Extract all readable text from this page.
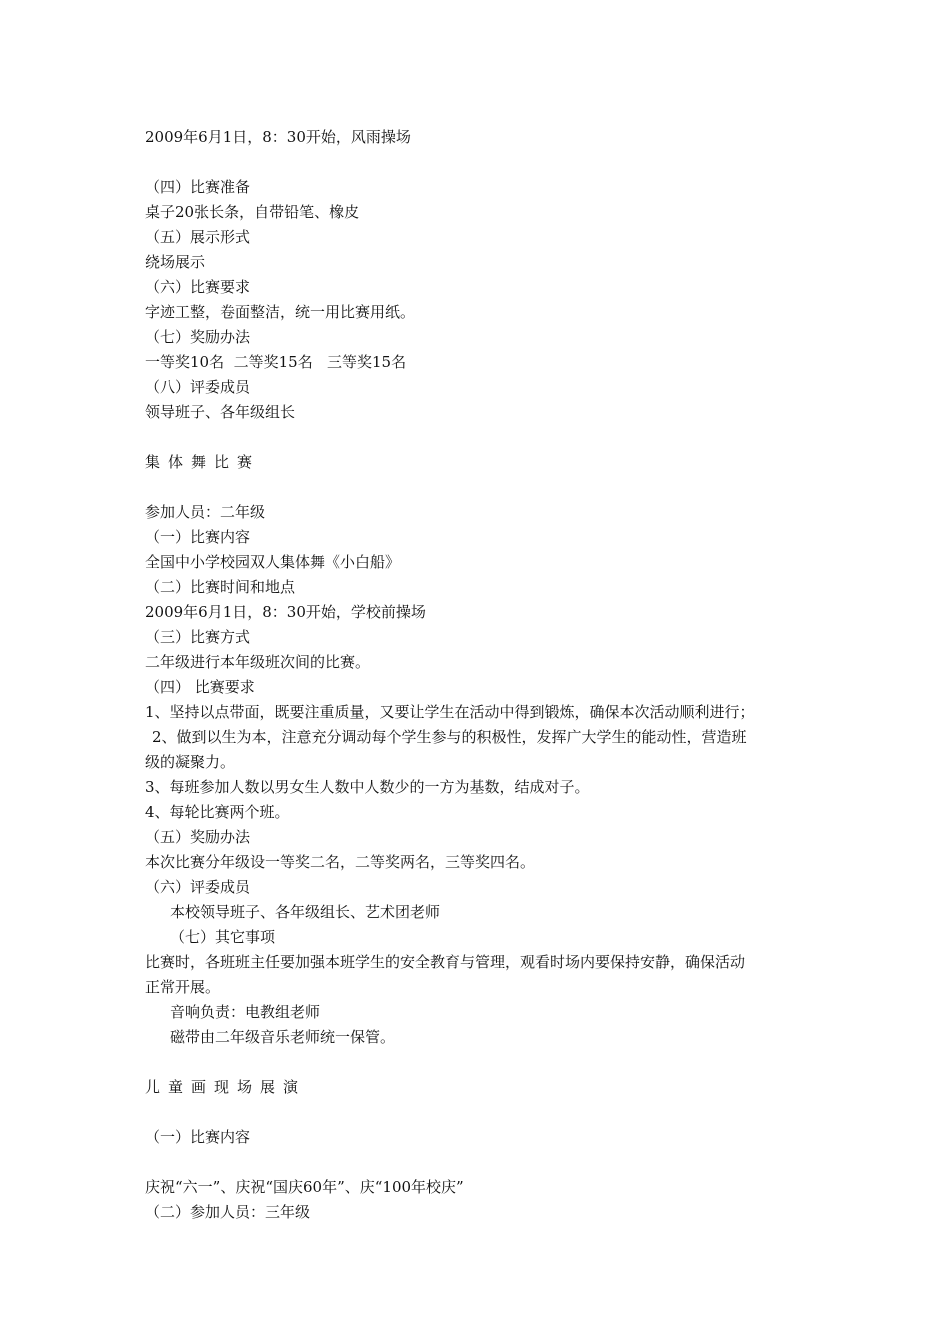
2009年6月1日，8：30开始，风雨操场
（四）比赛准备
桌子20张长条，自带铅笔、橡皮
（五）展示形式
绕场展示
（六）比赛要求
字迹工整，卷面整洁，统一用比赛用纸。
（七）奖励办法
一等奖10名  二等奖15名   三等奖15名
（八）评委成员
领导班子、各年级组长
集体舞比赛
参加人员：二年级
（一）比赛内容
全国中小学校园双人集体舞《小白船》
（二）比赛时间和地点
2009年6月1日，8：30开始，学校前操场
（三）比赛方式
二年级进行本年级班次间的比赛。
（四） 比赛要求
1、坚持以点带面，既要注重质量，又要让学生在活动中得到锻炼，确保本次活动顺利进行；
2、做到以生为本，注意充分调动每个学生参与的积极性，发挥广大学生的能动性，营造班
级的凝聚力。
3、每班参加人数以男女生人数中人数少的一方为基数，结成对子。
4、每轮比赛两个班。
（五）奖励办法
本次比赛分年级设一等奖二名，二等奖两名，三等奖四名。
（六）评委成员
本校领导班子、各年级组长、艺术团老师
（七）其它事项
比赛时，各班班主任要加强本班学生的安全教育与管理，观看时场内要保持安静，确保活动
正常开展。
音响负责：电教组老师
磁带由二年级音乐老师统一保管。
儿童画现场展演
（一）比赛内容
庆祝“六一”、庆祝“国庆60年”、庆“100年校庆”
（二）参加人员：三年级
